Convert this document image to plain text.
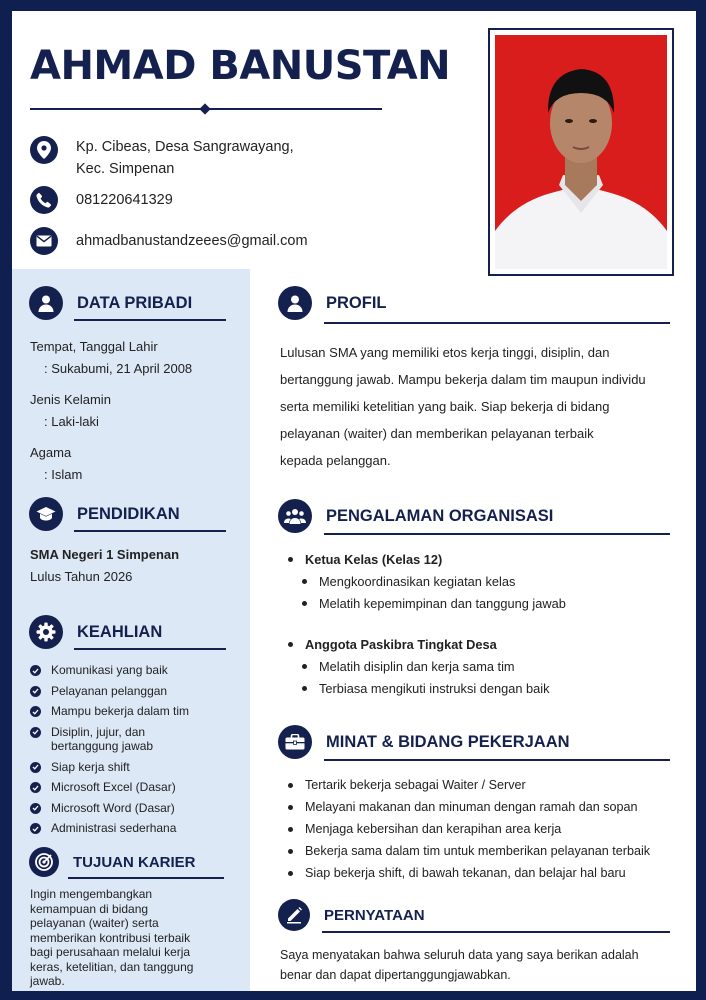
AHMAD BANUSTAN
Kp. Cibeas, Desa Sangrawayang,
Kec. Simpenan
081220641329
ahmadbanustandzeees@gmail.com
DATA PRIBADI
Tempat, Tanggal Lahir
: Sukabumi, 21 April 2008
Jenis Kelamin
: Laki-laki
Agama
: Islam
PENDIDIKAN
SMA Negeri 1 Simpenan
Lulus Tahun 2026
KEAHLIAN
Komunikasi yang baik
Pelayanan pelanggan
Mampu bekerja dalam tim
Disiplin, jujur, dan
bertanggung jawab
Siap kerja shift
Microsoft Excel (Dasar)
Microsoft Word (Dasar)
Administrasi sederhana
TUJUAN KARIER
Ingin mengembangkan
kemampuan di bidang
pelayanan (waiter) serta
memberikan kontribusi terbaik
bagi perusahaan melalui kerja
keras, ketelitian, dan tanggung
jawab.
PROFIL
Lulusan SMA yang memiliki etos kerja tinggi, disiplin, dan
bertanggung jawab. Mampu bekerja dalam tim maupun individu
serta memiliki ketelitian yang baik. Siap bekerja di bidang
pelayanan (waiter) dan memberikan pelayanan terbaik
kepada pelanggan.
PENGALAMAN ORGANISASI
Ketua Kelas (Kelas 12)
Mengkoordinasikan kegiatan kelas
Melatih kepemimpinan dan tanggung jawab
Anggota Paskibra Tingkat Desa
Melatih disiplin dan kerja sama tim
Terbiasa mengikuti instruksi dengan baik
MINAT & BIDANG PEKERJAAN
Tertarik bekerja sebagai Waiter / Server
Melayani makanan dan minuman dengan ramah dan sopan
Menjaga kebersihan dan kerapihan area kerja
Bekerja sama dalam tim untuk memberikan pelayanan terbaik
Siap bekerja shift, di bawah tekanan, dan belajar hal baru
PERNYATAAN
Saya menyatakan bahwa seluruh data yang saya berikan adalah
benar dan dapat dipertanggungjawabkan.
